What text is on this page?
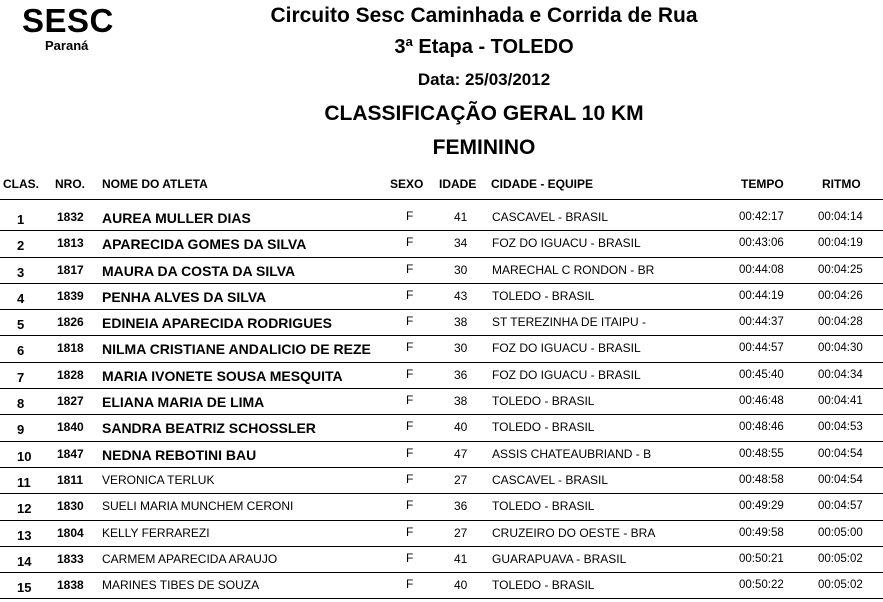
SESC
Paraná
Circuito Sesc Caminhada e Corrida de Rua
3ª Etapa - TOLEDO
Data: 25/03/2012
CLASSIFICAÇÃO GERAL 10 KM
FEMININO
CLAS. NRO. NOME DO ATLETA	SEXO IDADE CIDADE - EQUIPE	TEMPO	RITMO
1	1832 AUREA MULLER DIAS	F	41 CASCAVEL - BRASIL	00:42:17	00:04:14
2	1813 APARECIDA GOMES DA SILVA	F	34 FOZ DO IGUACU - BRASIL	00:43:06	00:04:19
3	1817 MAURA DA COSTA DA SILVA	F	30 MARECHAL C RONDON - BR	00:44:08	00:04:25
4	1839 PENHA ALVES DA SILVA	F	43 TOLEDO - BRASIL	00:44:19	00:04:26
5	1826 EDINEIA APARECIDA RODRIGUES	F	38 ST TEREZINHA DE ITAIPU -	00:44:37	00:04:28
6	1818 NILMA CRISTIANE ANDALICIO DE REZE	F	30 FOZ DO IGUACU - BRASIL	00:44:57	00:04:30
7	1828 MARIA IVONETE SOUSA MESQUITA	F	36 FOZ DO IGUACU - BRASIL	00:45:40	00:04:34
8	1827 ELIANA MARIA DE LIMA	F	38 TOLEDO - BRASIL	00:46:48	00:04:41
9	1840 SANDRA BEATRIZ SCHOSSLER	F	40 TOLEDO - BRASIL	00:48:46	00:04:53
10 1847 NEDNA REBOTINI BAU	F	47 ASSIS CHATEAUBRIAND - B	00:48:55	00:04:54
11 1811 VERONICA TERLUK	F	27 CASCAVEL - BRASIL	00:48:58	00:04:54
12 1830 SUELI MARIA MUNCHEM CERONI	F	36 TOLEDO - BRASIL	00:49:29	00:04:57
13 1804 KELLY FERRAREZI	F	27 CRUZEIRO DO OESTE - BRA	00:49:58	00:05:00
14 1833 CARMEM APARECIDA ARAUJO	F	41 GUARAPUAVA - BRASIL	00:50:21	00:05:02
15 1838 MARINES TIBES DE SOUZA	F	40 TOLEDO - BRASIL	00:50:22	00:05:02
